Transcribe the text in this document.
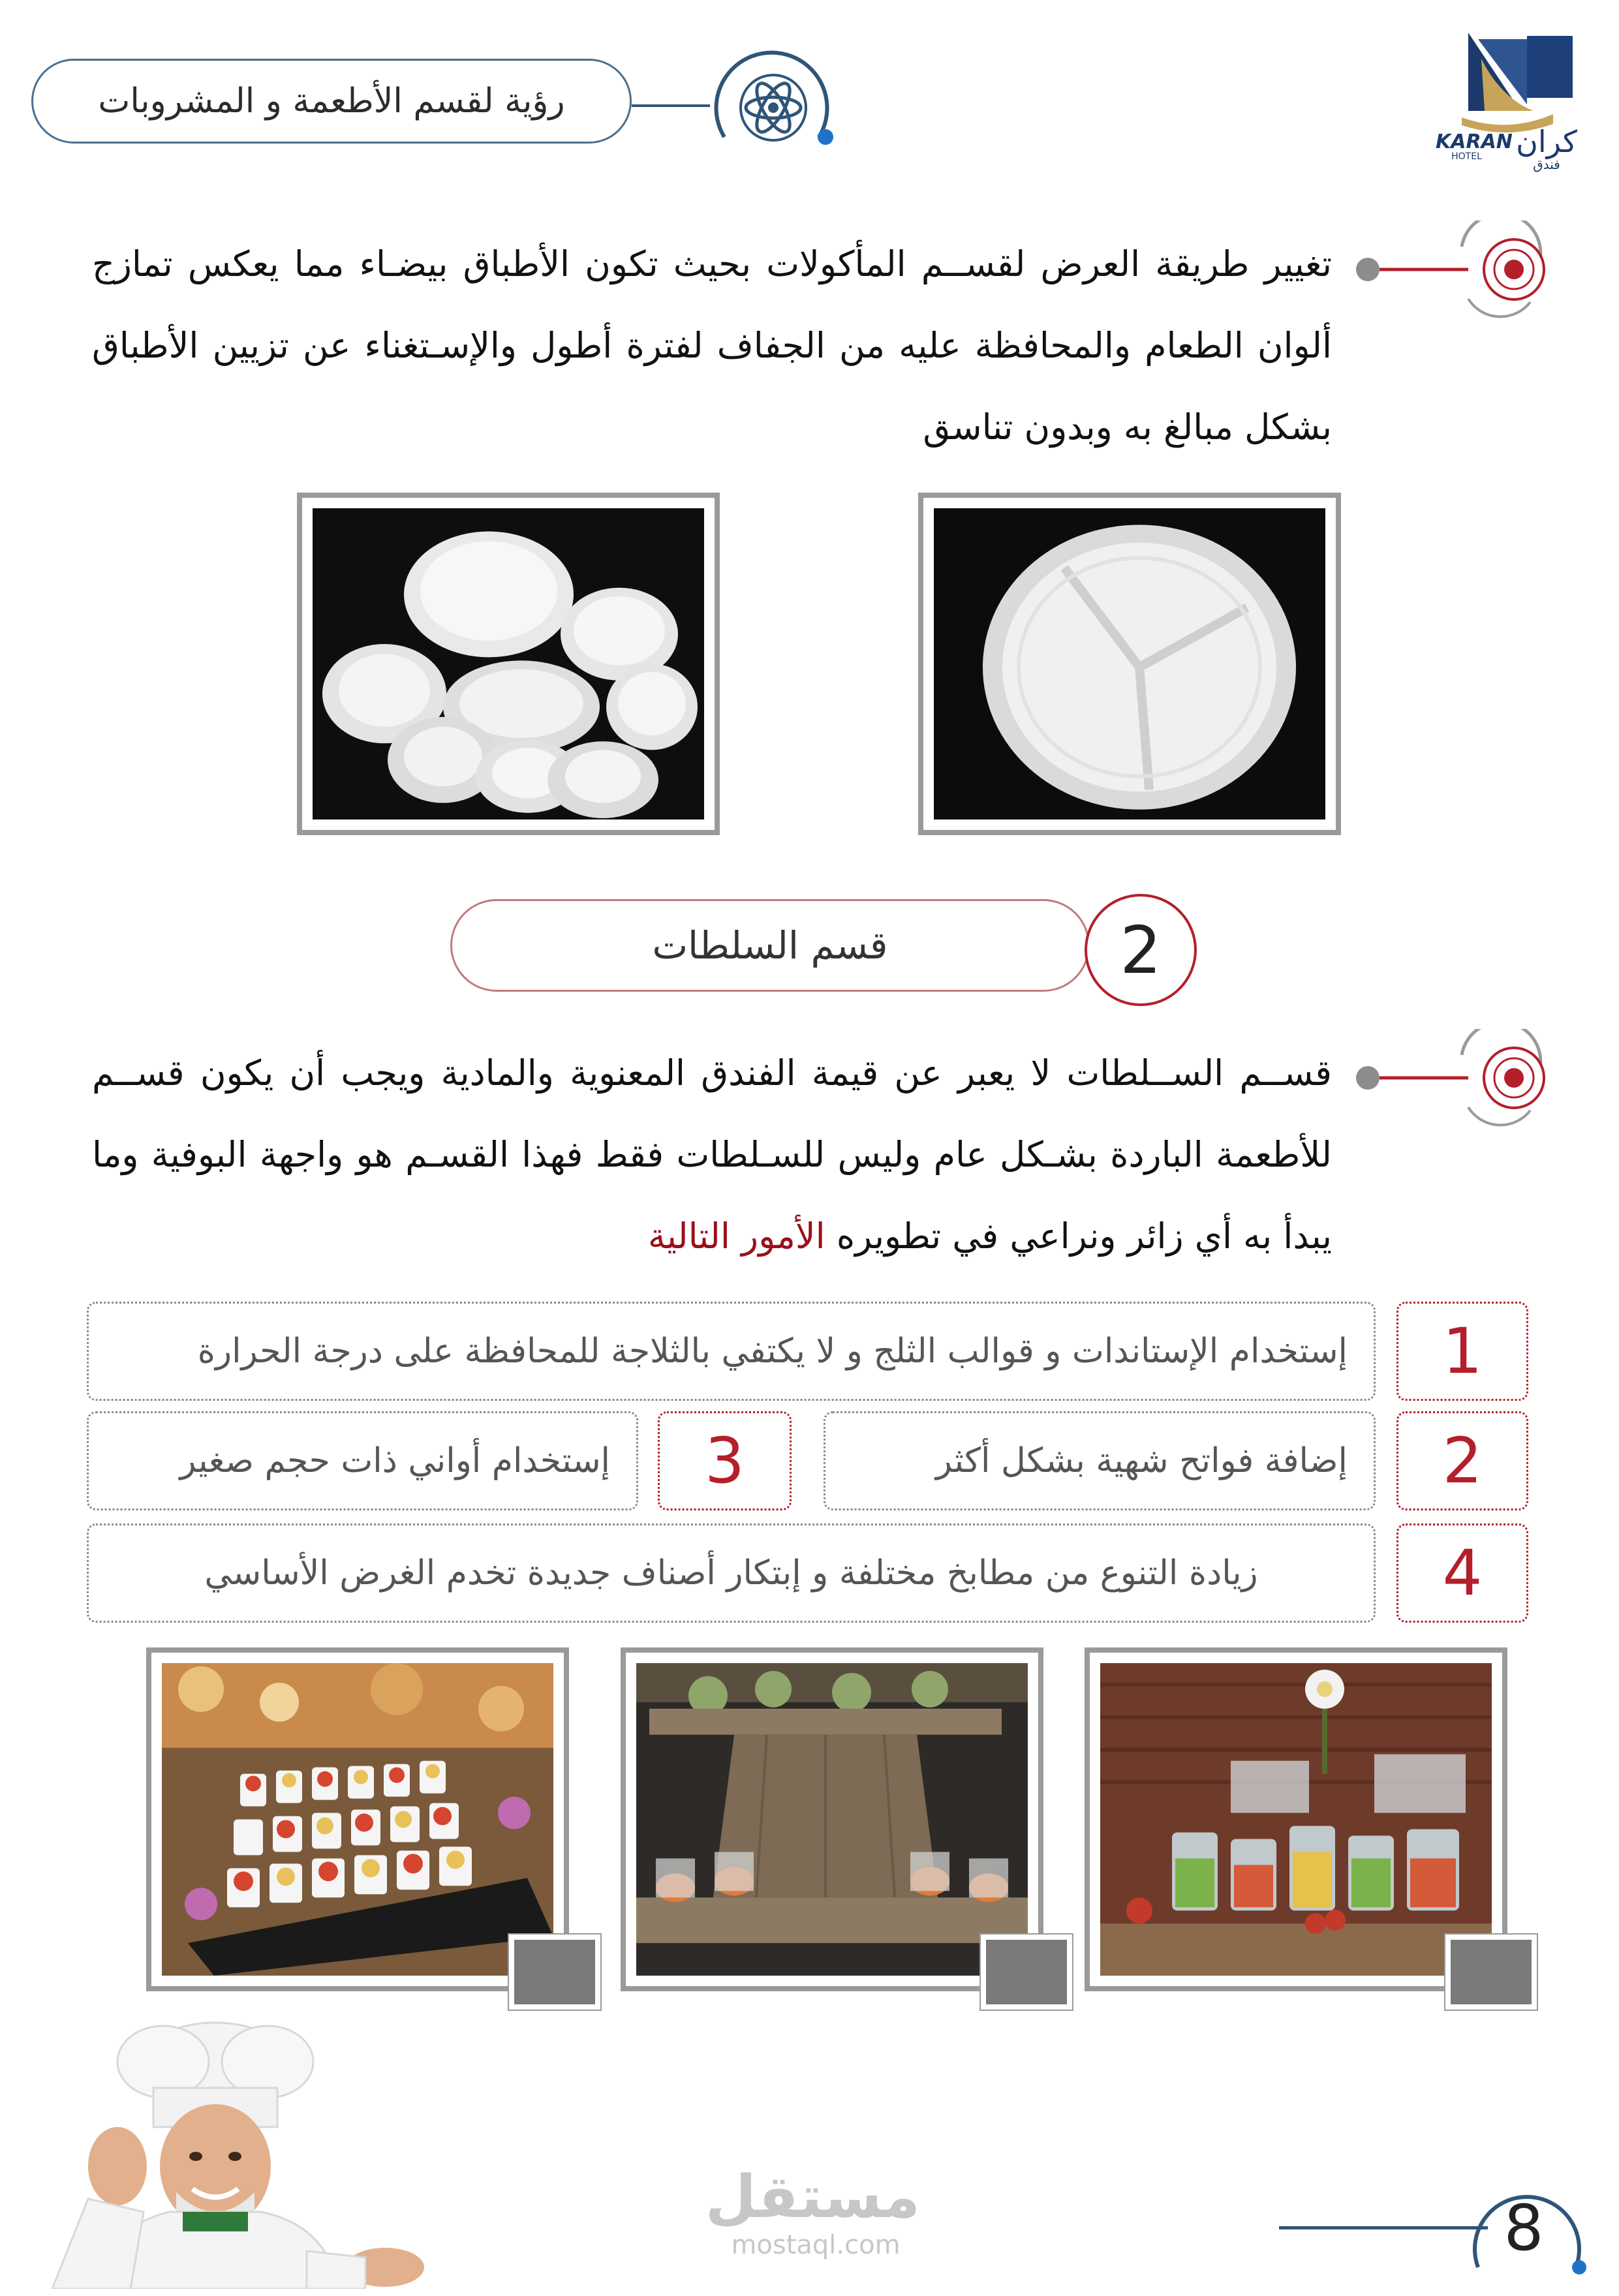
KARAN
HOTEL	كران
فندق
رؤية لقسم الأطعمة و المشروبات
تغيير طريقة العرض لقســم المأكولات بحيث تكون الأطباق بيضـاء مما يعكس تمازج ألوان الطعام والمحافظة عليه من الجفاف لفترة أطول والإسـتغناء عن تزيين الأطباق بشكل مبالغ به وبدون تناسق
قسم السلطات	2
قســم الســلطات لا يعبر عن قيمة الفندق المعنوية والمادية ويجب أن يكون قســم للأطعمة الباردة بشـكل عام وليس للسـلطات فقط فهذا القسـم هو واجهة البوفية وما يبدأ به أي زائر ونراعي في تطويره الأمور التالية
1
إستخدام الإستاندات و قوالب الثلج و لا يكتفي بالثلاجة للمحافظة على درجة الحرارة
2
إضافة فواتح شهية بشكل أكثر
3
إستخدام أواني ذات حجم صغير
4
زيادة التنوع من مطابخ مختلفة و إبتكار أصناف جديدة تخدم الغرض الأساسي
مستقل
mostaql.com	8
